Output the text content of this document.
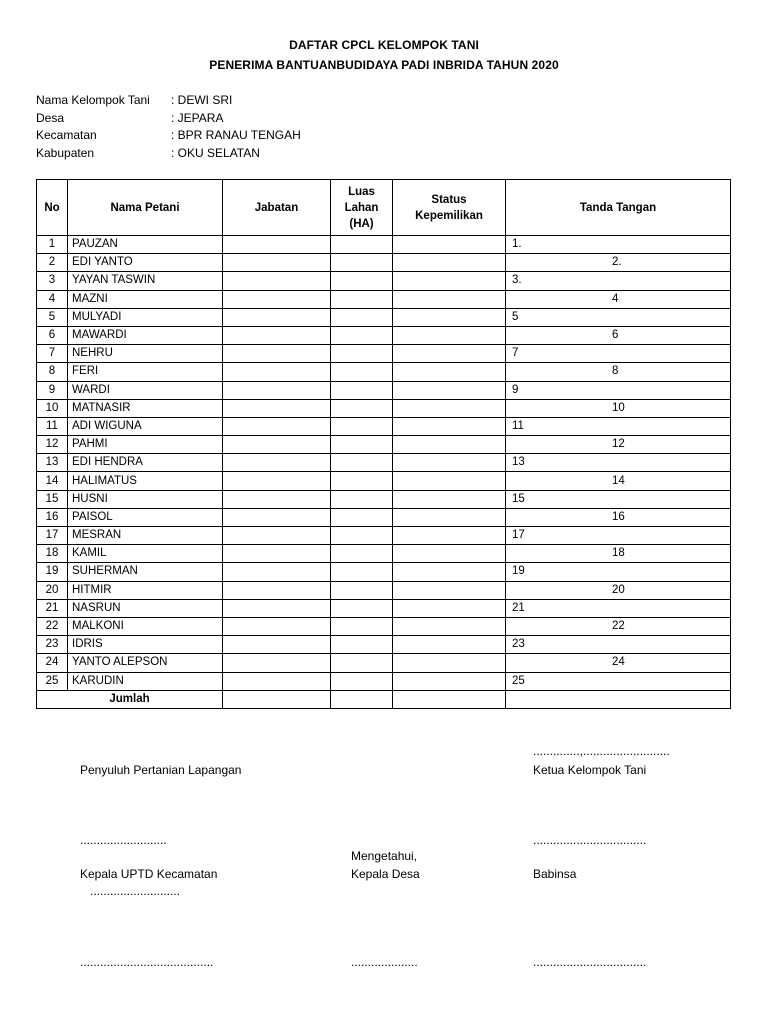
DAFTAR CPCL KELOMPOK TANI
PENERIMA BANTUANBUDIDAYA PADI INBRIDA TAHUN 2020
Nama Kelompok Tani	: DEWI SRI
Desa	: JEPARA
Kecamatan	: BPR RANAU TENGAH
Kabupaten	: OKU SELATAN
No	Nama Petani	Jabatan	Luas Lahan (HA)	Status Kepemilikan	Tanda Tangan
1	PAUZAN				1.
2	EDI YANTO				2.
3	YAYAN TASWIN				3.
4	MAZNI				4
5	MULYADI				5
6	MAWARDI				6
7	NEHRU				7
8	FERI				8
9	WARDI				9
10	MATNASIR				10
11	ADI WIGUNA				11
12	PAHMI				12
13	EDI HENDRA				13
14	HALIMATUS				14
15	HUSNI				15
16	PAISOL				16
17	MESRAN				17
18	KAMIL				18
19	SUHERMAN				19
20	HITMIR				20
21	NASRUN				21
22	MALKONI				22
23	IDRIS				23
24	YANTO ALEPSON				24
25	KARUDIN				25
Jumlah					
..............,..........................
Penyuluh Pertanian Lapangan	Ketua Kelompok Tani
..........................	..................................
Mengetahui,
Kepala UPTD Kecamatan	Kepala Desa	Babinsa
...........................
........................................	....................	..................................
